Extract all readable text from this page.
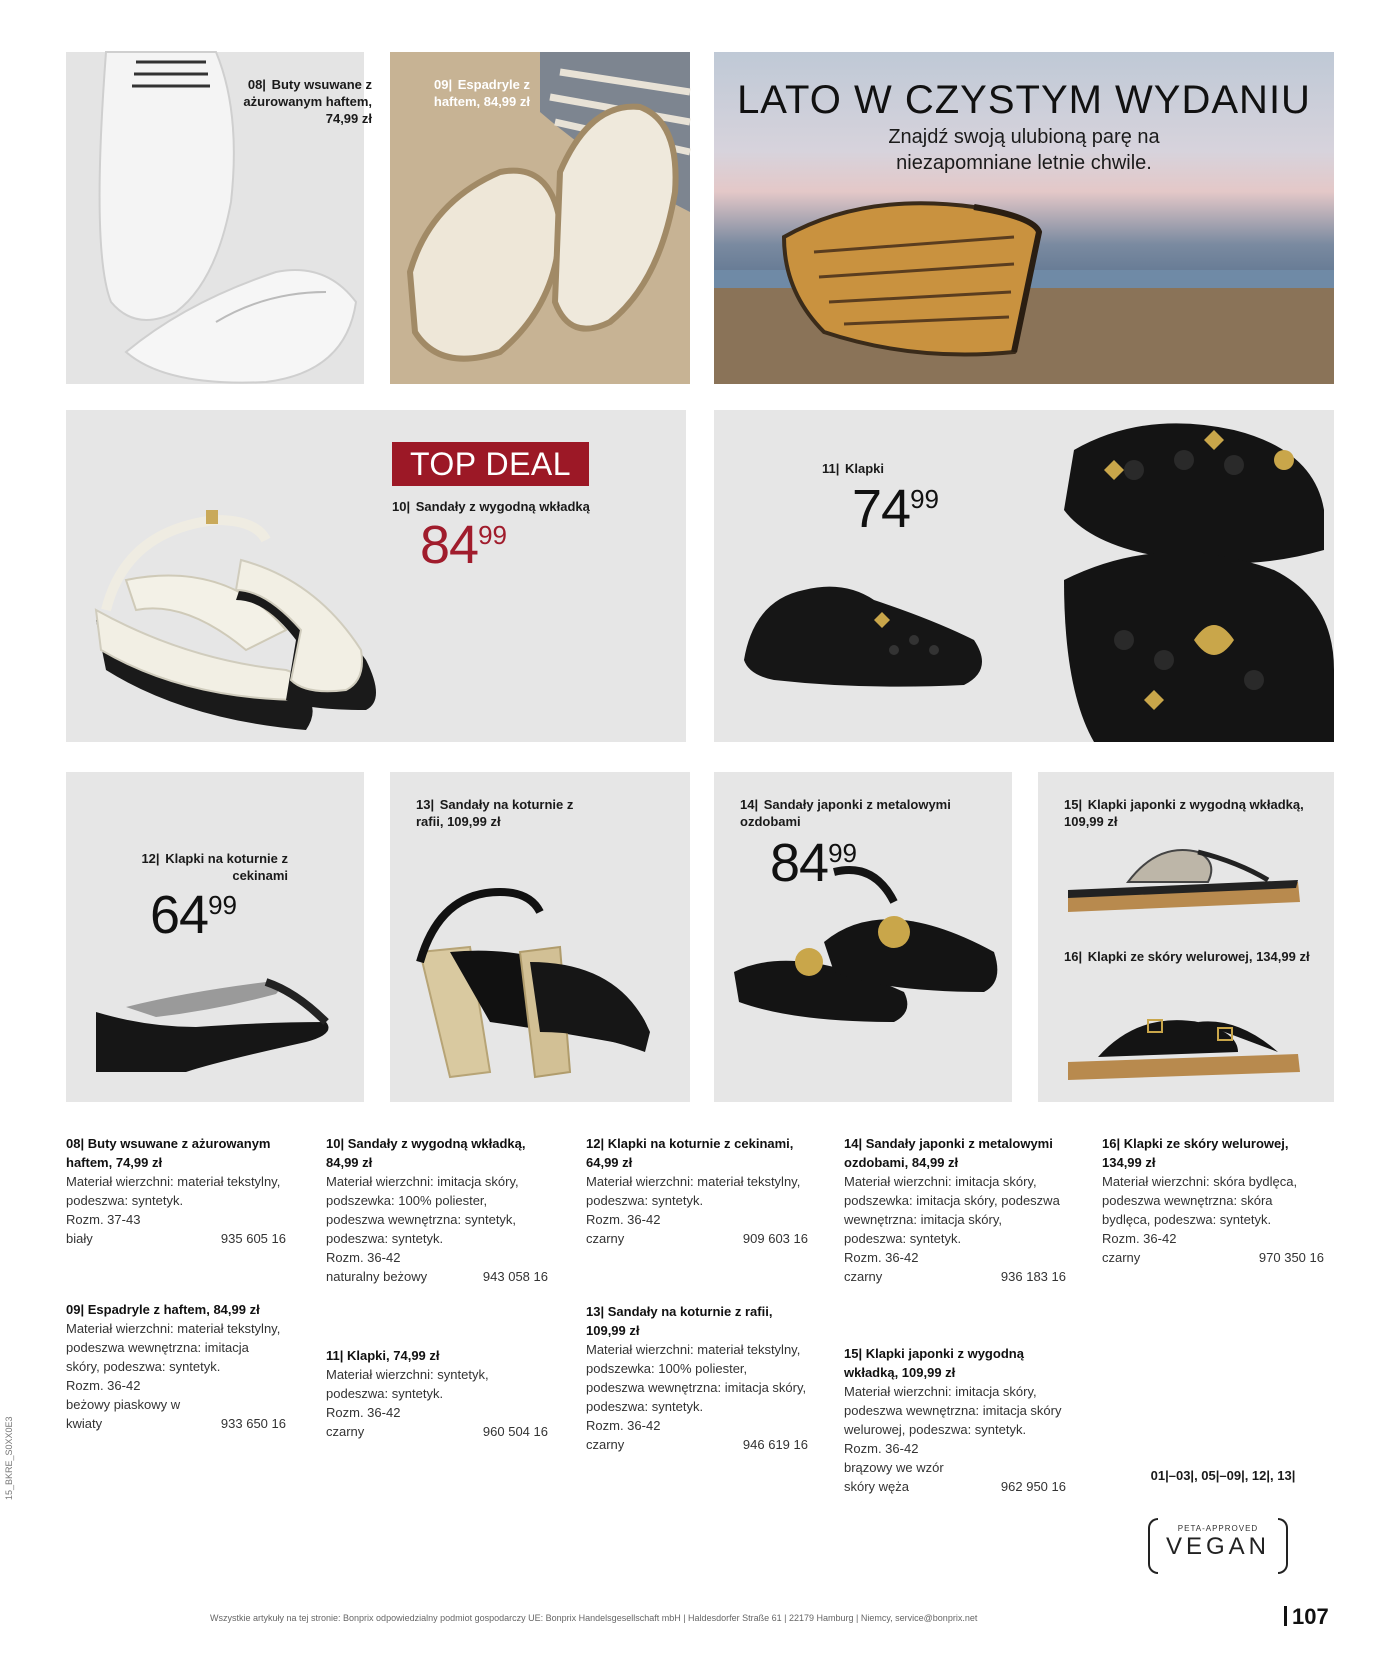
08| Buty wsuwane z ażurowanym haftem, 74,99 zł
09| Espadryle z haftem, 84,99 zł	LATO W CZYSTYM WYDANIU
Znajdź swoją ulubioną parę na niezapomniane letnie chwile.
TOP DEAL
10| Sandały z wygodną wkładką
8499
11| Klapki
7499
12| Klapki na koturnie z cekinami
6499
13| Sandały na koturnie z rafii, 109,99 zł
14| Sandały japonki z metalowymi ozdobami
8499
15| Klapki japonki z wygodną wkładką, 109,99 zł
16| Klapki ze skóry welurowej, 134,99 zł
08| Buty wsuwane z ażurowanym haftem, 74,99 zł
Materiał wierzchni: materiał tekstylny, podeszwa: syntetyk.
Rozm. 37-43
biały	935 605 16
09| Espadryle z haftem, 84,99 zł
Materiał wierzchni: materiał tekstylny, podeszwa wewnętrzna: imitacja skóry, podeszwa: syntetyk.
Rozm. 36-42
beżowy piaskowy w kwiaty	933 650 16
10| Sandały z wygodną wkładką, 84,99 zł
Materiał wierzchni: imitacja skóry, podszewka: 100% poliester, podeszwa wewnętrzna: syntetyk, podeszwa: syntetyk.
Rozm. 36-42
naturalny beżowy	943 058 16
11| Klapki, 74,99 zł
Materiał wierzchni: syntetyk, podeszwa: syntetyk.
Rozm. 36-42
czarny	960 504 16
12| Klapki na koturnie z cekinami, 64,99 zł
Materiał wierzchni: materiał tekstylny, podeszwa: syntetyk.
Rozm. 36-42
czarny	909 603 16
13| Sandały na koturnie z rafii, 109,99 zł
Materiał wierzchni: materiał tekstylny, podszewka: 100% poliester, podeszwa wewnętrzna: imitacja skóry, podeszwa: syntetyk.
Rozm. 36-42
czarny	946 619 16
14| Sandały japonki z metalowymi ozdobami, 84,99 zł
Materiał wierzchni: imitacja skóry, podszewka: imitacja skóry, podeszwa wewnętrzna: imitacja skóry, podeszwa: syntetyk.
Rozm. 36-42
czarny	936 183 16
15| Klapki japonki z wygodną wkładką, 109,99 zł
Materiał wierzchni: imitacja skóry, podeszwa wewnętrzna: imitacja skóry welurowej, podeszwa: syntetyk.
Rozm. 36-42
brązowy we wzór skóry węża	962 950 16
16| Klapki ze skóry welurowej, 134,99 zł
Materiał wierzchni: skóra bydlęca, podeszwa wewnętrzna: skóra bydlęca, podeszwa: syntetyk.
Rozm. 36-42
czarny	970 350 16
01|–03|, 05|–09|, 12|, 13|
PETA-APPROVED
VEGAN
15_BKRE_S0XX0E3
Wszystkie artykuły na tej stronie: Bonprix odpowiedzialny podmiot gospodarczy UE: Bonprix Handelsgesellschaft mbH | Haldesdorfer Straße 61 | 22179 Hamburg | Niemcy, service@bonprix.net	107
